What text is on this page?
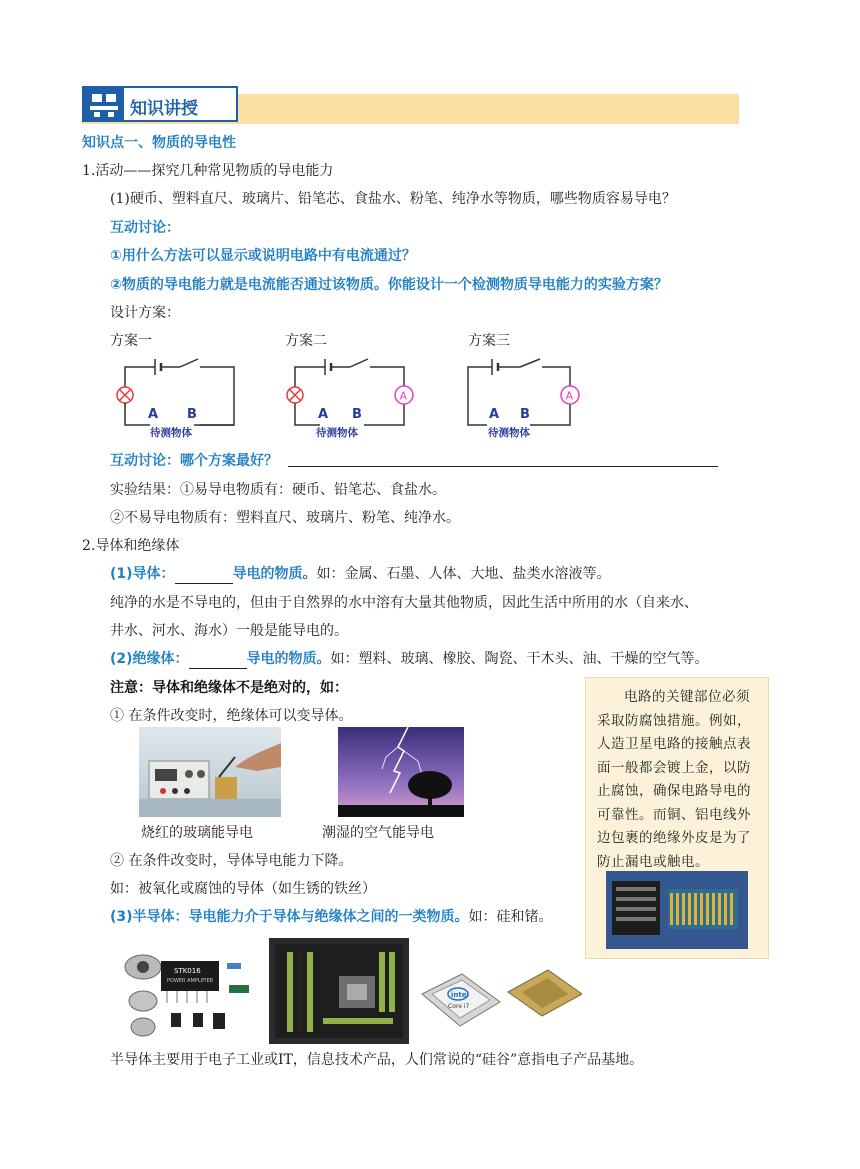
知识讲授
知识点一、物质的导电性
1.活动——探究几种常见物质的导电能力
(1)硬币、塑料直尺、玻璃片、铅笔芯、食盐水、粉笔、纯净水等物质，哪些物质容易导电？
互动讨论：
①用什么方法可以显示或说明电路中有电流通过？
②物质的导电能力就是电流能否通过该物质。你能设计一个检测物质导电能力的实验方案？
设计方案：
方案一	方案二	方案三
A B
待测物体
A
A B
待测物体
A
A B
待测物体
互动讨论：哪个方案最好？
实验结果：①易导电物质有：硬币、铅笔芯、食盐水。
②不易导电物质有：塑料直尺、玻璃片、粉笔、纯净水。
2.导体和绝缘体
(1)导体：	导电的物质。如：金属、石墨、人体、大地、盐类水溶液等。
纯净的水是不导电的，但由于自然界的水中溶有大量其他物质，因此生活中所用的水（自来水、
井水、河水、海水）一般是能导电的。
(2)绝缘体：	导电的物质。如：塑料、玻璃、橡胶、陶瓷、干木头、油、干燥的空气等。
注意：导体和绝缘体不是绝对的，如：
① 在条件改变时，绝缘体可以变导体。
烧红的玻璃能导电	潮湿的空气能导电
② 在条件改变时，导体导电能力下降。
如：被氧化或腐蚀的导体（如生锈的铁丝）
(3)半导体：导电能力介于导体与绝缘体之间的一类物质。如：硅和锗。
STK016
POWER AMPLIFIER
intel
Core i7
半导体主要用于电子工业或IT，信息技术产品，人们常说的“硅谷”意指电子产品基地。
电路的关键部位必须采取防腐蚀措施。例如，人造卫星电路的接触点表面一般都会镀上金，以防止腐蚀，确保电路导电的可靠性。而铜、铝电线外边包裹的绝缘外皮是为了防止漏电或触电。
